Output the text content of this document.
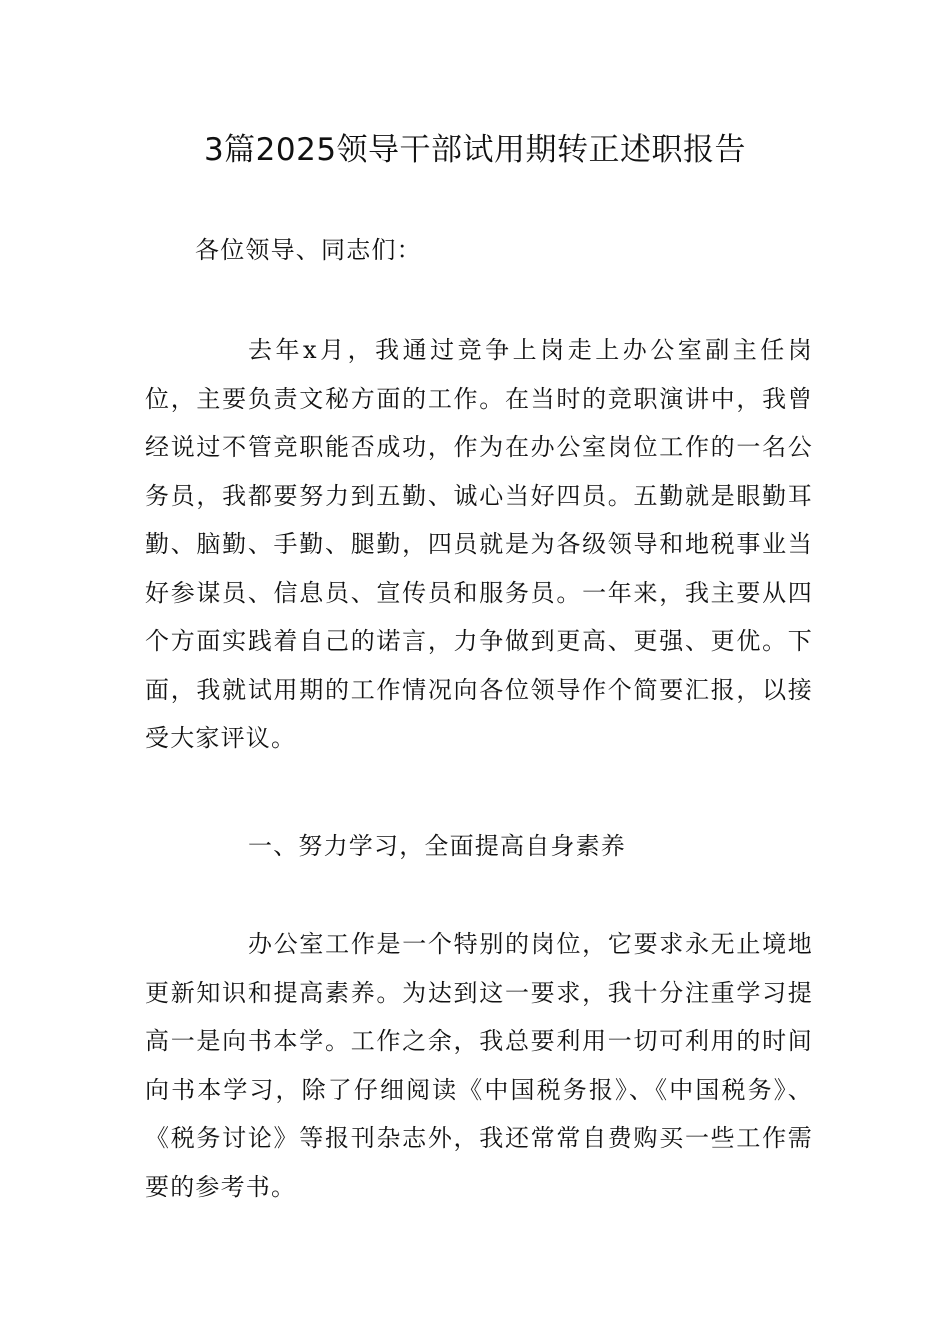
3篇2025领导干部试用期转正述职报告

各位领导、同志们：

去年x月，我通过竞争上岗走上办公室副主任岗位，主要负责文秘方面的工作。在当时的竞职演讲中，我曾经说过不管竞职能否成功，作为在办公室岗位工作的一名公务员，我都要努力到五勤、诚心当好四员。五勤就是眼勤耳勤、脑勤、手勤、腿勤，四员就是为各级领导和地税事业当好参谋员、信息员、宣传员和服务员。一年来，我主要从四个方面实践着自己的诺言，力争做到更高、更强、更优。下面，我就试用期的工作情况向各位领导作个简要汇报，以接受大家评议。

一、努力学习，全面提高自身素养

办公室工作是一个特别的岗位，它要求永无止境地更新知识和提高素养。为达到这一要求，我十分注重学习提高一是向书本学。工作之余，我总要利用一切可利用的时间向书本学习，除了仔细阅读《中国税务报》、《中国税务》、《税务讨论》等报刊杂志外，我还常常自费购买一些工作需要的参考书。
